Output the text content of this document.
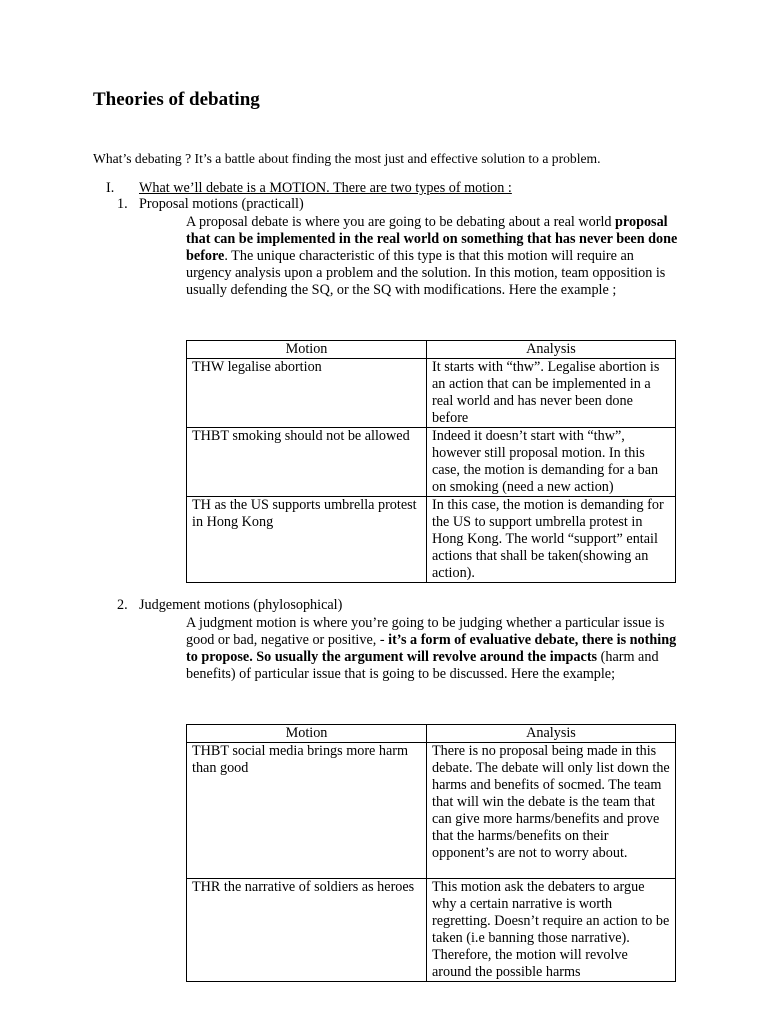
Theories of debating

What’s debating ? It’s a battle about finding the most just and effective solution to a problem.

I. What we’ll debate is a MOTION. There are two types of motion :

1. Proposal motions (practicall)

A proposal debate is where you are going to be debating about a real world proposal that can be implemented in the real world on something that has never been done before. The unique characteristic of this type is that this motion will require an urgency analysis upon a problem and the solution. In this motion, team opposition is usually defending the SQ, or the SQ with modifications. Here the example ;

Motion	Analysis
THW legalise abortion	It starts with “thw”. Legalise abortion is an action that can be implemented in a real world and has never been done before
THBT smoking should not be allowed	Indeed it doesn’t start with “thw”, however still proposal motion. In this case, the motion is demanding for a ban on smoking (need a new action)
TH as the US supports umbrella protest in Hong Kong	In this case, the motion is demanding for the US to support umbrella protest in Hong Kong. The world “support” entail actions that shall be taken(showing an action).

2. Judgement motions (phylosophical)

A judgment motion is where you’re going to be judging whether a particular issue is good or bad, negative or positive, - it’s a form of evaluative debate, there is nothing to propose. So usually the argument will revolve around the impacts (harm and benefits) of particular issue that is going to be discussed. Here the example;

Motion	Analysis
THBT social media brings more harm than good	There is no proposal being made in this debate. The debate will only list down the harms and benefits of socmed. The team that will win the debate is the team that can give more harms/benefits and prove that the harms/benefits on their opponent’s are not to worry about.
THR the narrative of soldiers as heroes	This motion ask the debaters to argue why a certain narrative is worth regretting. Doesn’t require an action to be taken (i.e banning those narrative). Therefore, the motion will revolve around the possible harms
